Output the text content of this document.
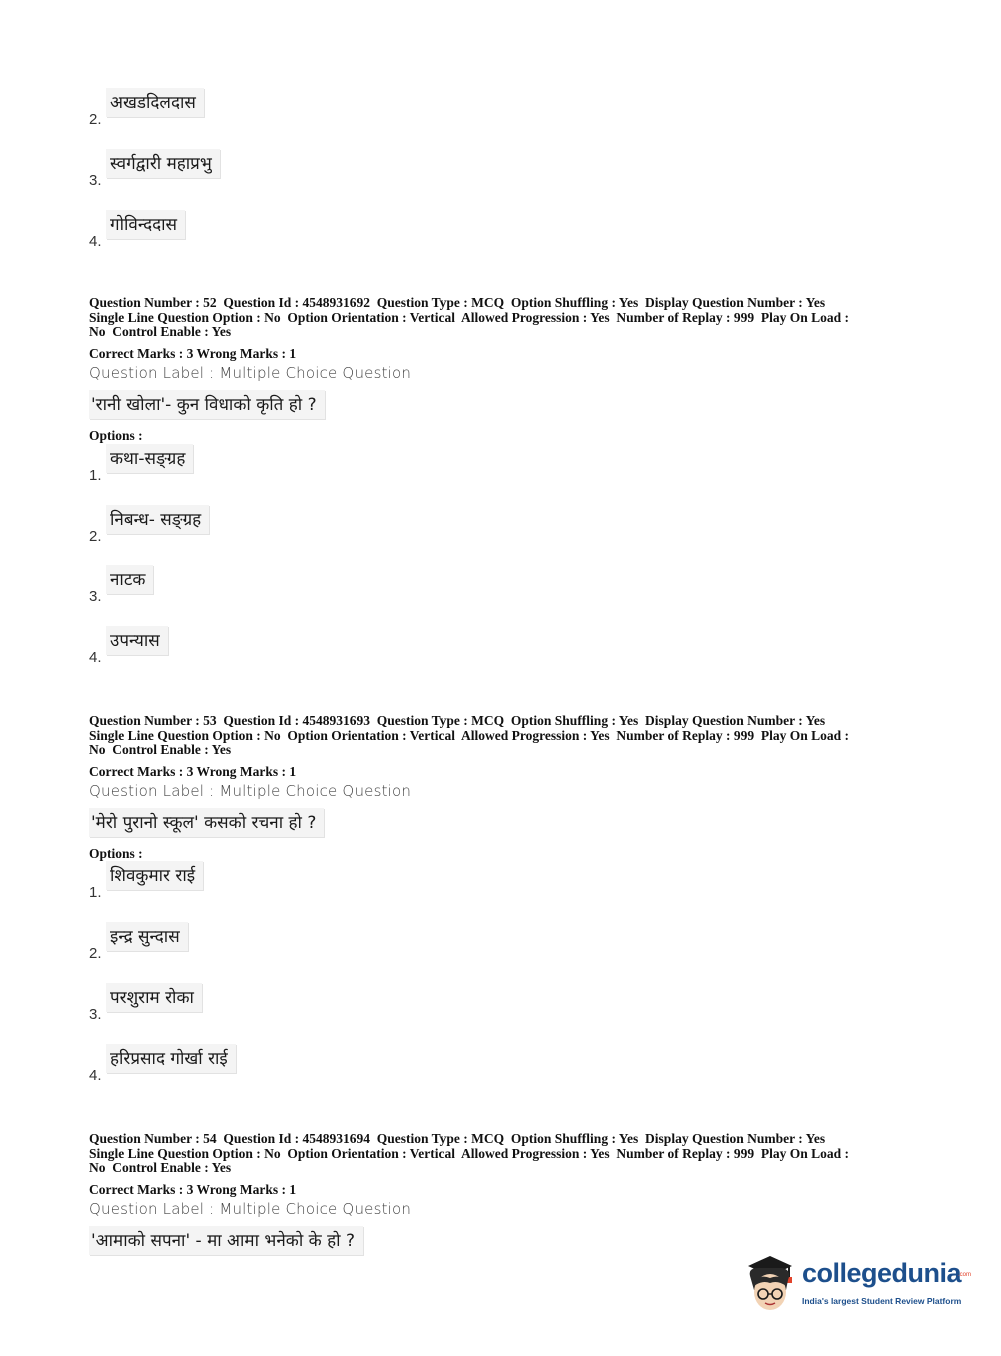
अखडदिलदास
2.
स्वर्गद्वारी महाप्रभु
3.
गोविन्ददास
4.
Question Number : 52  Question Id : 4548931692  Question Type : MCQ  Option Shuffling : Yes  Display Question Number : Yes
Single Line Question Option : No  Option Orientation : Vertical  Allowed Progression : Yes  Number of Replay : 999  Play On Load :
No  Control Enable : Yes
Correct Marks : 3 Wrong Marks : 1
Question Label : Multiple Choice Question
'रानी खोला'- कुन विधाको कृति हो ?
Options :
कथा-सङ्ग्रह
1.
निबन्ध- सङ्ग्रह
2.
नाटक
3.
उपन्यास
4.
Question Number : 53  Question Id : 4548931693  Question Type : MCQ  Option Shuffling : Yes  Display Question Number : Yes
Single Line Question Option : No  Option Orientation : Vertical  Allowed Progression : Yes  Number of Replay : 999  Play On Load :
No  Control Enable : Yes
Correct Marks : 3 Wrong Marks : 1
Question Label : Multiple Choice Question
'मेरो पुरानो स्कूल' कसको रचना हो ?
Options :
शिवकुमार राई
1.
इन्द्र सुन्दास
2.
परशुराम रोका
3.
हरिप्रसाद गोर्खा राई
4.
Question Number : 54  Question Id : 4548931694  Question Type : MCQ  Option Shuffling : Yes  Display Question Number : Yes
Single Line Question Option : No  Option Orientation : Vertical  Allowed Progression : Yes  Number of Replay : 999  Play On Load :
No  Control Enable : Yes
Correct Marks : 3 Wrong Marks : 1
Question Label : Multiple Choice Question
'आमाको सपना' - मा आमा भनेको के हो ?
collegedunia
.com
India's largest Student Review Platform
